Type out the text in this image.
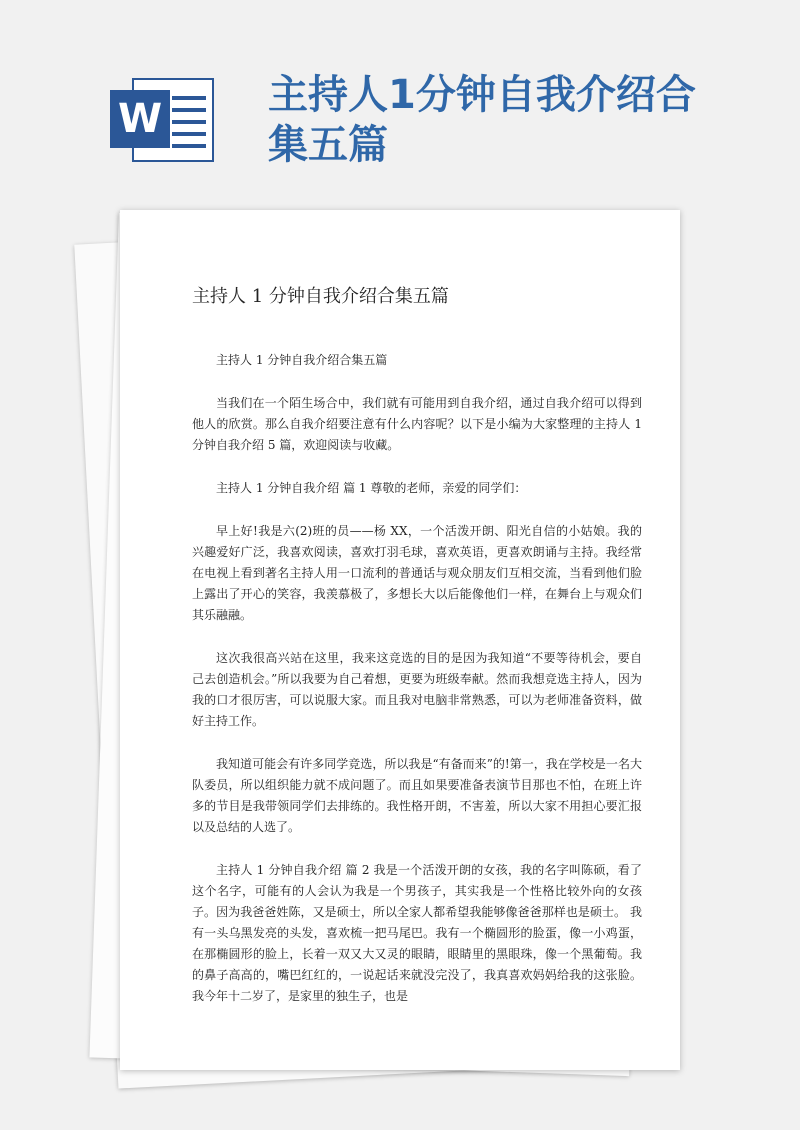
W
主持人1分钟自我介绍合集五篇
主持人 1 分钟自我介绍合集五篇

主持人 1 分钟自我介绍合集五篇

当我们在一个陌生场合中，我们就有可能用到自我介绍，通过自我介绍可以得到他人的欣赏。那么自我介绍要注意有什么内容呢？以下是小编为大家整理的主持人 1 分钟自我介绍 5 篇，欢迎阅读与收藏。

主持人 1 分钟自我介绍 篇 1 尊敬的老师，亲爱的同学们：

早上好!我是六(2)班的员——杨 XX，一个活泼开朗、阳光自信的小姑娘。我的兴趣爱好广泛，我喜欢阅读，喜欢打羽毛球，喜欢英语，更喜欢朗诵与主持。我经常在电视上看到著名主持人用一口流利的普通话与观众朋友们互相交流，当看到他们脸上露出了开心的笑容，我羡慕极了，多想长大以后能像他们一样，在舞台上与观众们其乐融融。

这次我很高兴站在这里，我来这竞选的目的是因为我知道“不要等待机会，要自己去创造机会。”所以我要为自己着想，更要为班级奉献。然而我想竞选主持人，因为我的口才很厉害，可以说服大家。而且我对电脑非常熟悉，可以为老师准备资料，做好主持工作。

我知道可能会有许多同学竞选，所以我是“有备而来”的!第一，我在学校是一名大队委员，所以组织能力就不成问题了。而且如果要准备表演节目那也不怕，在班上许多的节目是我带领同学们去排练的。我性格开朗，不害羞，所以大家不用担心要汇报以及总结的人选了。

主持人 1 分钟自我介绍 篇 2 我是一个活泼开朗的女孩，我的名字叫陈硕，看了这个名字，可能有的人会认为我是一个男孩子，其实我是一个性格比较外向的女孩子。因为我爸爸姓陈，又是硕士，所以全家人都希望我能够像爸爸那样也是硕士。 我有一头乌黑发亮的头发，喜欢梳一把马尾巴。我有一个椭圆形的脸蛋，像一小鸡蛋，在那椭圆形的脸上，长着一双又大又灵的眼睛，眼睛里的黑眼珠，像一个黑葡萄。我的鼻子高高的，嘴巴红红的，一说起话来就没完没了，我真喜欢妈妈给我的这张脸。我今年十二岁了，是家里的独生子，也是
